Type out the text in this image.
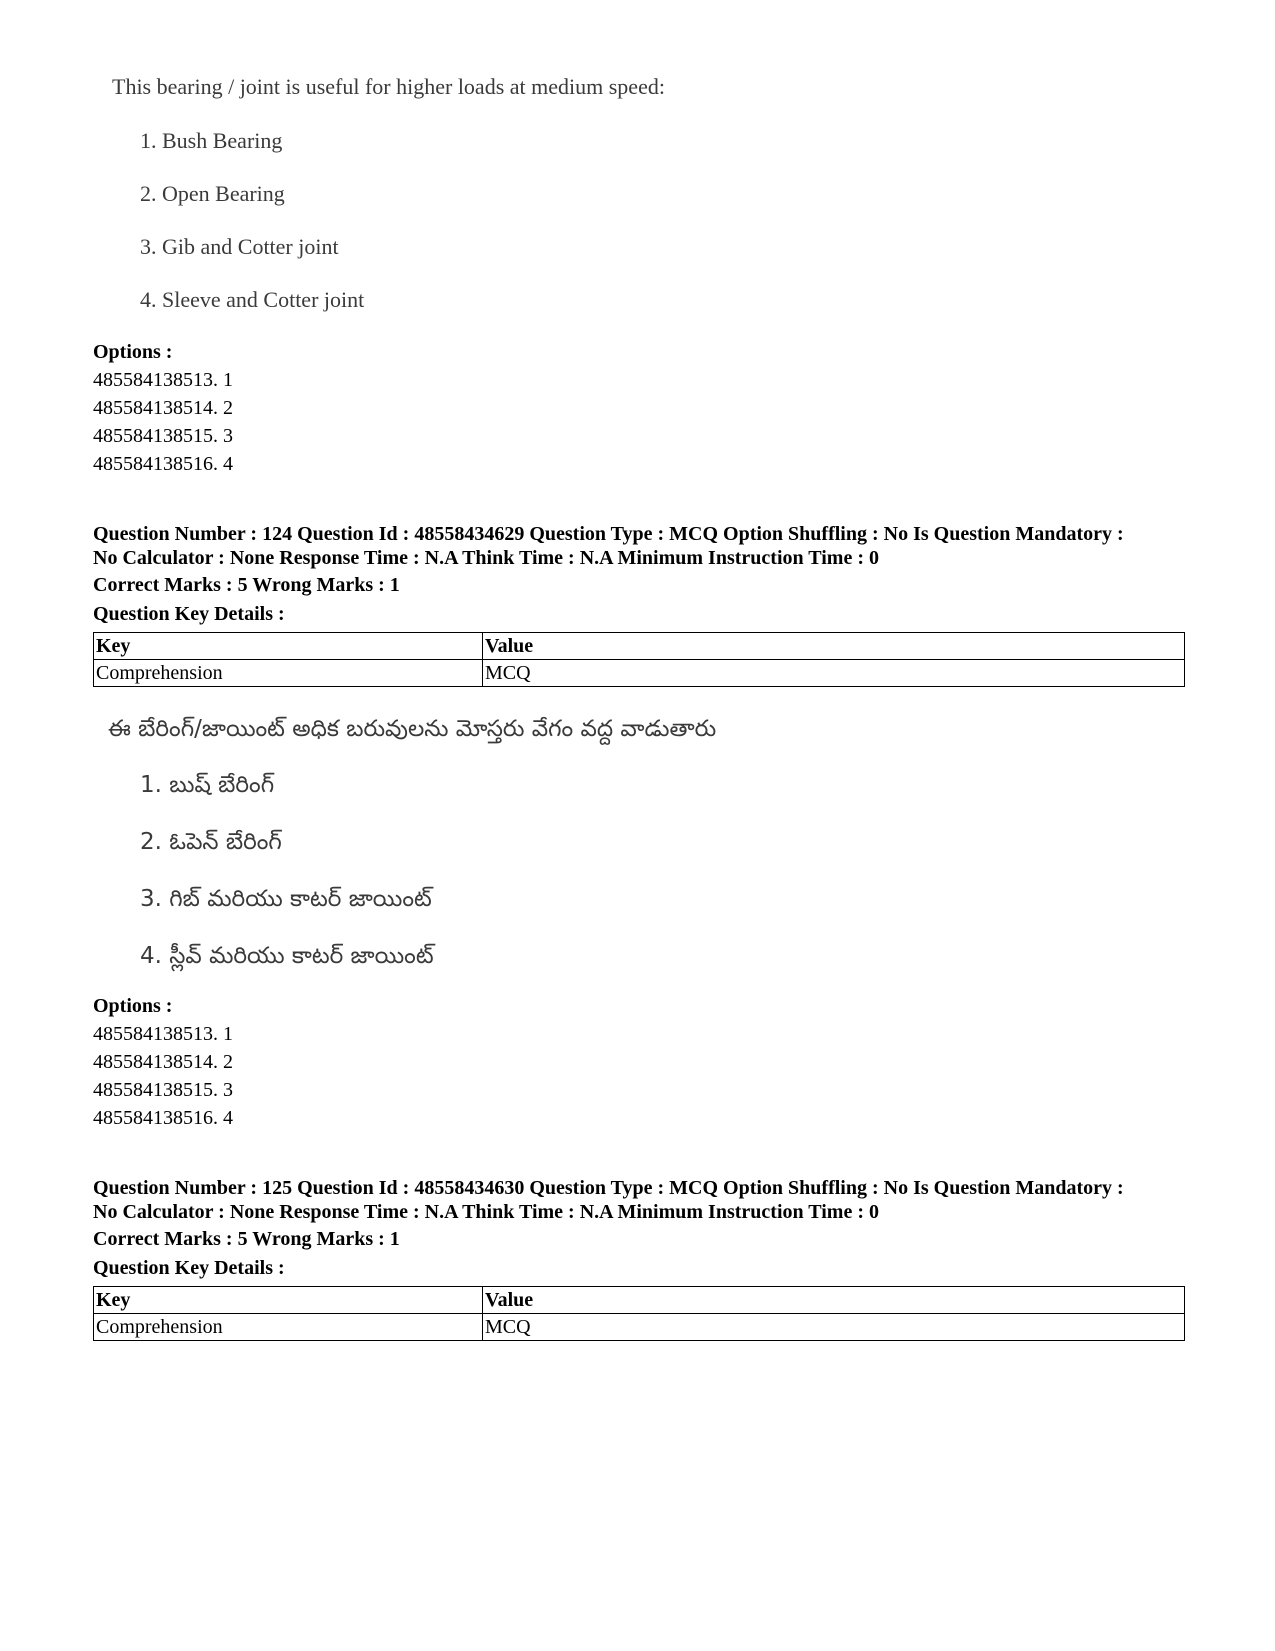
This bearing / joint is useful for higher loads at medium speed:
1. Bush Bearing
2. Open Bearing
3. Gib and Cotter joint
4. Sleeve and Cotter joint
Options :
485584138513. 1
485584138514. 2
485584138515. 3
485584138516. 4
Question Number : 124 Question Id : 48558434629 Question Type : MCQ Option Shuffling : No Is Question Mandatory :
No Calculator : None Response Time : N.A Think Time : N.A Minimum Instruction Time : 0
Correct Marks : 5 Wrong Marks : 1
Question Key Details :
Key	Value
Comprehension	MCQ
ఈ బేరింగ్/జాయింట్ అధిక బరువులను మోస్తరు వేగం వద్ద వాడుతారు
1. బుష్ బేరింగ్
2. ఓపెన్ బేరింగ్
3. గిబ్ మరియు కాటర్ జాయింట్
4. స్లీవ్ మరియు కాటర్ జాయింట్
Options :
485584138513. 1
485584138514. 2
485584138515. 3
485584138516. 4
Question Number : 125 Question Id : 48558434630 Question Type : MCQ Option Shuffling : No Is Question Mandatory :
No Calculator : None Response Time : N.A Think Time : N.A Minimum Instruction Time : 0
Correct Marks : 5 Wrong Marks : 1
Question Key Details :
Key	Value
Comprehension	MCQ
